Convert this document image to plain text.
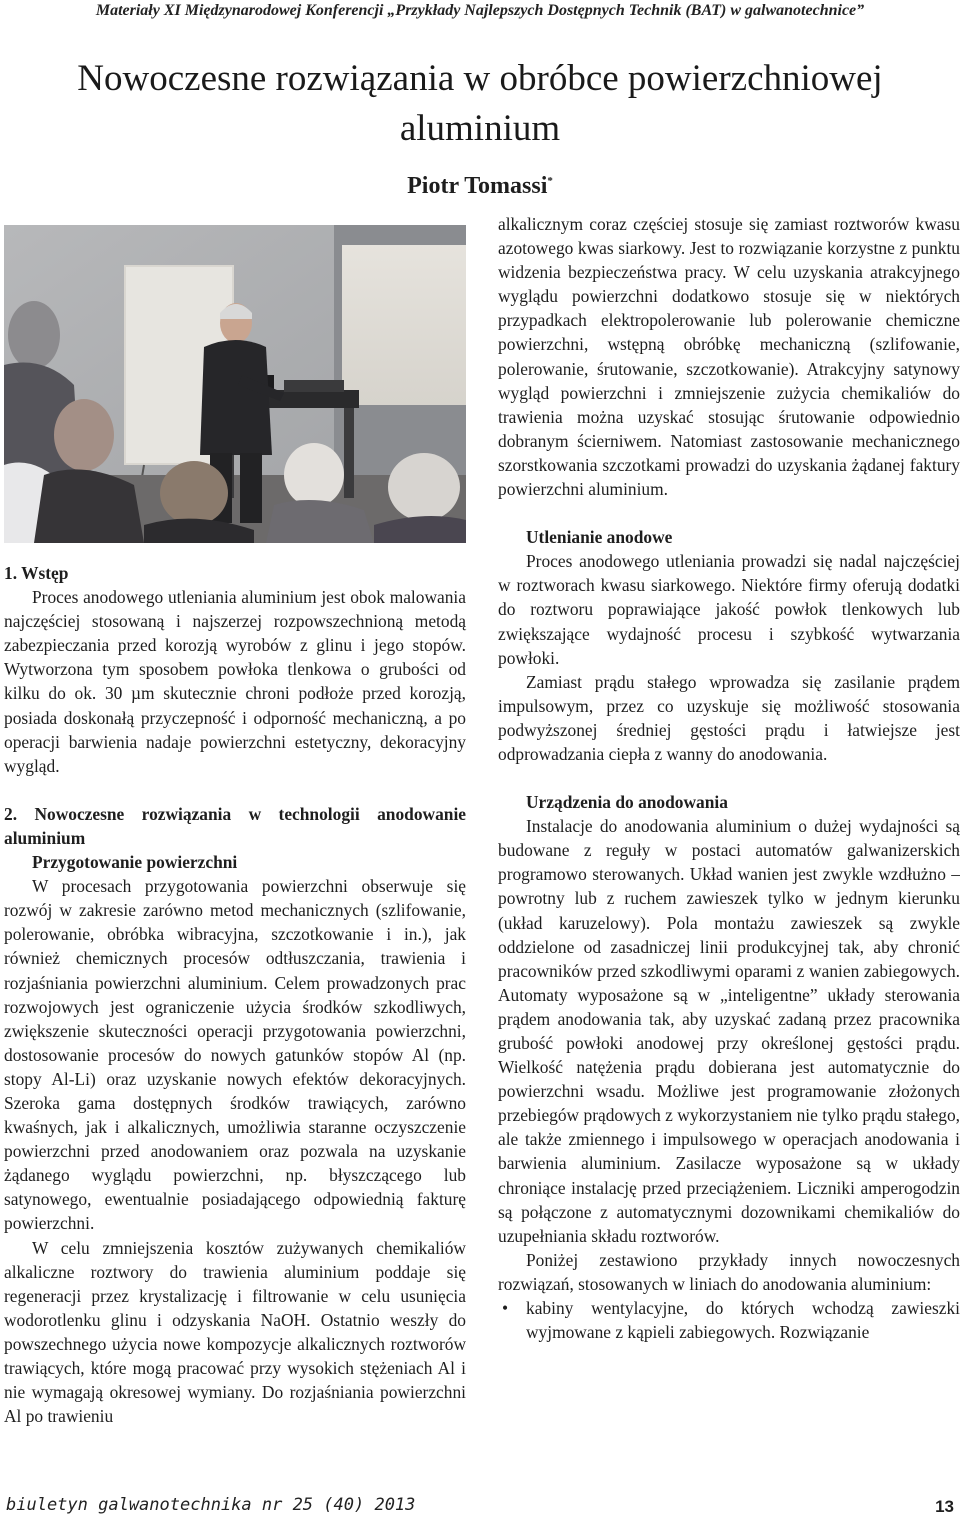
Materiały XI Międzynarodowej Konferencji „Przykłady Najlepszych Dostępnych Technik (BAT) w galwanotechnice”
Nowoczesne rozwiązania w obróbce powierzchniowej
aluminium
Piotr Tomassi*
1. Wstęp

Proces anodowego utleniania aluminium jest obok malowania najczęściej stosowaną i najszerzej rozpowszechnioną metodą zabezpieczania przed korozją wyrobów z glinu i jego stopów. Wytworzona tym sposobem powłoka tlenkowa o grubości od kilku do ok. 30 µm skutecznie chroni podłoże przed korozją, posiada doskonałą przyczepność i odporność mechaniczną, a po operacji barwienia nadaje powierzchni estetyczny, dekoracyjny wygląd.

2. Nowoczesne rozwiązania w technologii anodowanie aluminium
Przygotowanie powierzchni

W procesach przygotowania powierzchni obserwuje się rozwój w zakresie zarówno metod mechanicznych (szlifowanie, polerowanie, obróbka wibracyjna, szczotkowanie i in.), jak również chemicznych procesów odtłuszczania, trawienia i rozjaśniania powierzchni aluminium. Celem prowadzonych prac rozwojowych jest ograniczenie użycia środków szkodliwych, zwiększenie skuteczności operacji przygotowania powierzchni, dostosowanie procesów do nowych gatunków stopów Al (np. stopy Al-Li) oraz uzyskanie nowych efektów dekoracyjnych. Szeroka gama dostępnych środków trawiących, zarówno kwaśnych, jak i alkalicznych, umożliwia staranne oczyszczenie powierzchni przed anodowaniem oraz pozwala na uzyskanie żądanego wyglądu powierzchni, np. błyszczącego lub satynowego, ewentualnie posiadającego odpowiednią fakturę powierzchni.

W celu zmniejszenia kosztów zużywanych chemikaliów alkaliczne roztwory do trawienia aluminium poddaje się regeneracji przez krystalizację i filtrowanie w celu usunięcia wodorotlenku glinu i odzyskania NaOH. Ostatnio weszły do powszechnego użycia nowe kompozycje alkalicznych roztworów trawiących, które mogą pracować przy wysokich stężeniach Al i nie wymagają okresowej wymiany. Do rozjaśniania powierzchni Al po trawieniu

alkalicznym coraz częściej stosuje się zamiast roztworów kwasu azotowego kwas siarkowy. Jest to rozwiązanie korzystne z punktu widzenia bezpieczeństwa pracy. W celu uzyskania atrakcyjnego wyglądu powierzchni dodatkowo stosuje się w niektórych przypadkach elektropolerowanie lub polerowanie chemiczne powierzchni, wstępną obróbkę mechaniczną (szlifowanie, polerowanie, śrutowanie, szczotkowanie). Atrakcyjny satynowy wygląd powierzchni i zmniejszenie zużycia chemikaliów do trawienia można uzyskać stosując śrutowanie odpowiednio dobranym ścierniwem. Natomiast zastosowanie mechanicznego szorstkowania szczotkami prowadzi do uzyskania żądanej faktury powierzchni aluminium.

Utlenianie anodowe

Proces anodowego utleniania prowadzi się nadal najczęściej w roztworach kwasu siarkowego. Niektóre firmy oferują dodatki do roztworu poprawiające jakość powłok tlenkowych lub zwiększające wydajność procesu i szybkość wytwarzania powłoki.

Zamiast prądu stałego wprowadza się zasilanie prądem impulsowym, przez co uzyskuje się możliwość stosowania podwyższonej średniej gęstości prądu i łatwiejsze jest odprowadzania ciepła z wanny do anodowania.

Urządzenia do anodowania

Instalacje do anodowania aluminium o dużej wydajności są budowane z reguły w postaci automatów galwanizerskich programowo sterowanych. Układ wanien jest zwykle wzdłużno – powrotny lub z ruchem zawieszek tylko w jednym kierunku (układ karuzelowy). Pola montażu zawieszek są zwykle oddzielone od zasadniczej linii produkcyjnej tak, aby chronić pracowników przed szkodliwymi oparami z wanien zabiegowych. Automaty wyposażone są w „inteligentne” układy sterowania prądem anodowania tak, aby uzyskać zadaną przez pracownika grubość powłoki anodowej przy określonej gęstości prądu. Wielkość natężenia prądu dobierana jest automatycznie do powierzchni wsadu. Możliwe jest programowanie złożonych przebiegów prądowych z wykorzystaniem nie tylko prądu stałego, ale także zmiennego i impulsowego w operacjach anodowania i barwienia aluminium. Zasilacze wyposażone są w układy chroniące instalację przed przeciążeniem. Liczniki amperogodzin są połączone z automatycznymi dozownikami chemikaliów do uzupełniania składu roztworów.

Poniżej zestawiono przykłady innych nowoczesnych rozwiązań, stosowanych w liniach do anodowania aluminium:

• kabiny wentylacyjne, do których wchodzą zawieszki wyjmowane z kąpieli zabiegowych. Rozwiązanie
biuletyn galwanotechnika nr 25 (40) 2013	13
